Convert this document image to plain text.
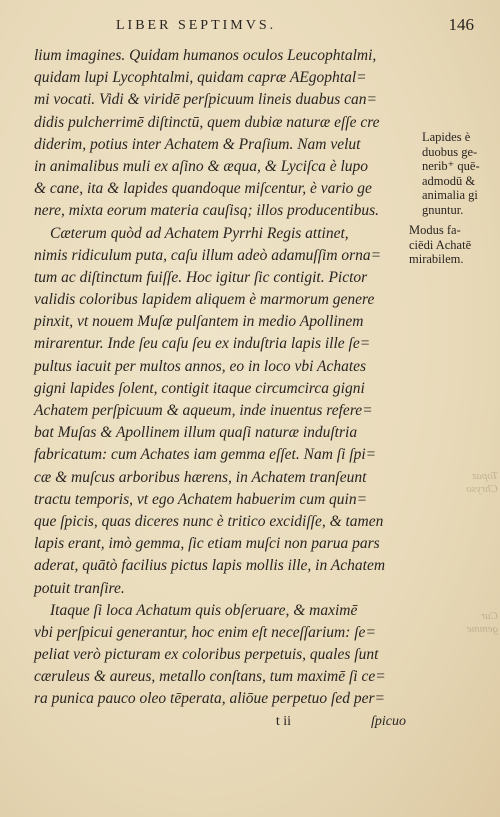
Topaz Chryso
Cur gemme
LIBER SEPTIMVS.	146
lium imagines. Quidam humanos oculos Leucophtalmi,
quidam lupi Lycophtalmi, quidam capræ AEgophtal=
mi vocati. Vidi & viridē perſpicuum lineis duabus can=
didis pulcherrimē diſtinctū, quem dubiæ naturæ eſſe cre
diderim, potius inter Achatem & Praſium. Nam velut
in animalibus muli ex aſino & æqua, & Lyciſca è lupo
& cane, ita & lapides quandoque miſcentur, è vario ge
nere, mixta eorum materia cauſisq; illos producentibus.
Cæterum quòd ad Achatem Pyrrhi Regis attinet,
nimis ridiculum puta, caſu illum adeò adamuſſim orna=
tum ac diſtinctum fuiſſe. Hoc igitur ſic contigit. Pictor
validis coloribus lapidem aliquem è marmorum genere
pinxit, vt nouem Muſæ pulſantem in medio Apollinem
mirarentur. Inde ſeu caſu ſeu ex induſtria lapis ille ſe=
pultus iacuit per multos annos, eo in loco vbi Achates
gigni lapides ſolent, contigit itaque circumcirca gigni
Achatem perſpicuum & aqueum, inde inuentus refere=
bat Muſas & Apollinem illum quaſi naturæ induſtria
fabricatum: cum Achates iam gemma eſſet. Nam ſi ſpi=
cæ & muſcus arboribus hærens, in Achatem tranſeunt
tractu temporis, vt ego Achatem habuerim cum quin=
que ſpicis, quas diceres nunc è tritico excidiſſe, & tamen
lapis erant, imò gemma, ſic etiam muſci non parua pars
aderat, quātò facilius pictus lapis mollis ille, in Achatem
potuit tranſire.
Itaque ſi loca Achatum quis obſeruare, & maximē
vbi perſpicui generantur, hoc enim eſt neceſſarium: ſe=
peliat verò picturam ex coloribus perpetuis, quales ſunt
cæruleus & aureus, metallo conſtans, tum maximē ſi ce=
ra punica pauco oleo tēperata, aliōue perpetuo ſed per=
t ii	ſpicuo
Lapides è
duobus ge-
nerib⁺ quē-
admodū &
animalia gi
gnuntur.
Modus fa-
ciēdi Achatē
mirabilem.
